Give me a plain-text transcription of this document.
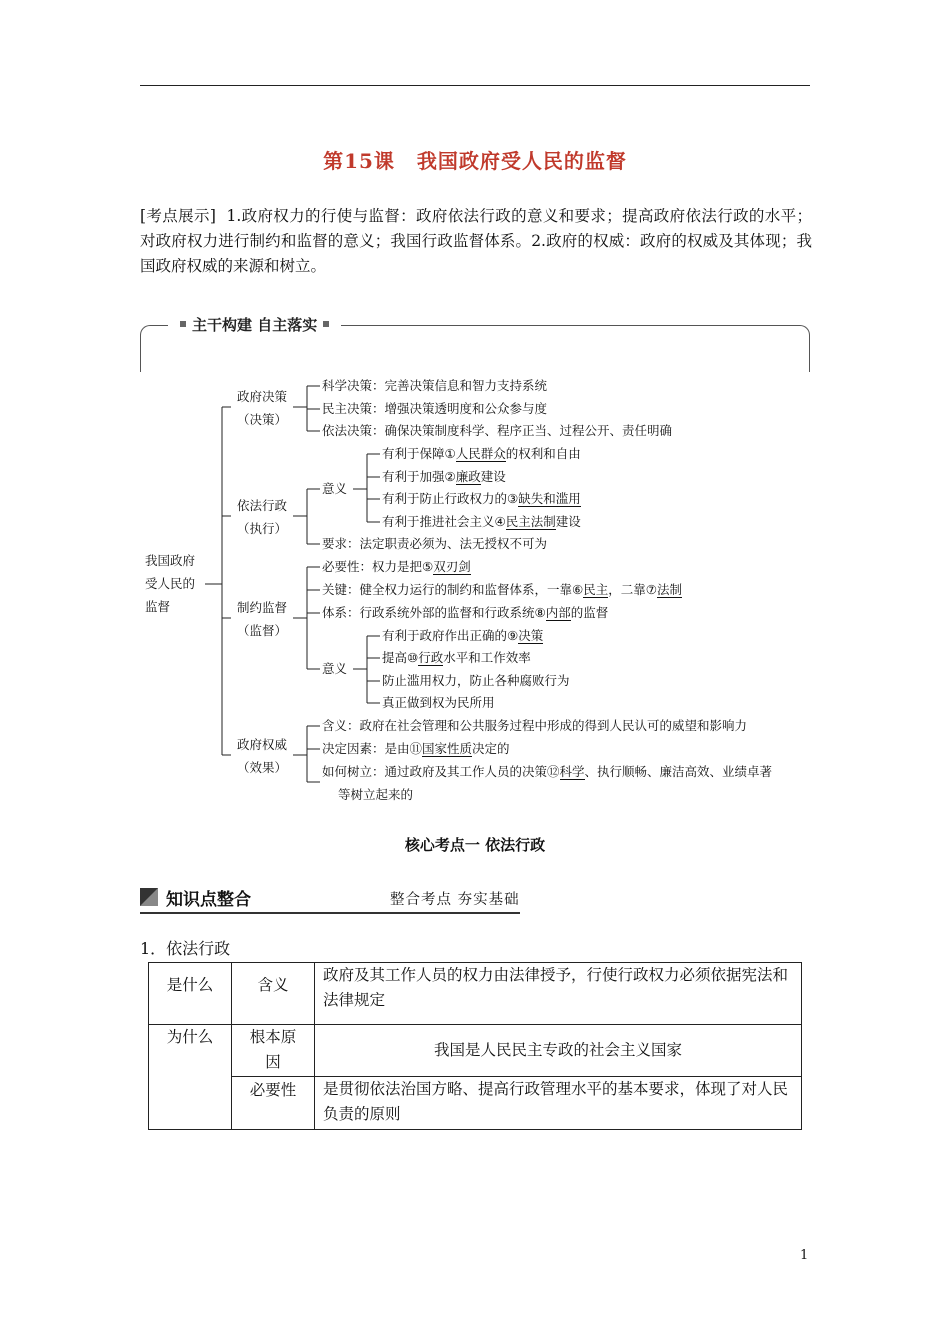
第15课 我国政府受人民的监督
[考点展示] 1.政府权力的行使与监督：政府依法行政的意义和要求；提高政府依法行政的水平；对政府权力进行制约和监督的意义；我国行政监督体系。2.政府的权威：政府的权威及其体现；我国政府权威的来源和树立。
主干构建 自主落实
我国政府
受人民的
监督
政府决策
（决策）
科学决策：完善决策信息和智力支持系统
民主决策：增强决策透明度和公众参与度
依法决策：确保决策制度科学、程序正当、过程公开、责任明确
依法行政
（执行）
意义
有利于保障①人民群众的权利和自由
有利于加强②廉政建设
有利于防止行政权力的③缺失和滥用
有利于推进社会主义④民主法制建设
要求：法定职责必须为、法无授权不可为
制约监督
（监督）
必要性：权力是把⑤双刃剑
关键：健全权力运行的制约和监督体系，一靠⑥民主，二靠⑦法制
体系：行政系统外部的监督和行政系统⑧内部的监督
意义
有利于政府作出正确的⑨决策
提高⑩行政水平和工作效率
防止滥用权力，防止各种腐败行为
真正做到权为民所用
政府权威
（效果）
含义：政府在社会管理和公共服务过程中形成的得到人民认可的威望和影响力
决定因素：是由⑪国家性质决定的
如何树立：通过政府及其工作人员的决策⑫科学、执行顺畅、廉洁高效、业绩卓著
等树立起来的
核心考点一 依法行政
知识点整合	整合考点 夯实基础
1．依法行政
是什么	含义	政府及其工作人员的权力由法律授予，行使行政权力必须依据宪法和法律规定
为什么	根本原因	我国是人民民主专政的社会主义国家
	必要性	是贯彻依法治国方略、提高行政管理水平的基本要求，体现了对人民负责的原则
1
